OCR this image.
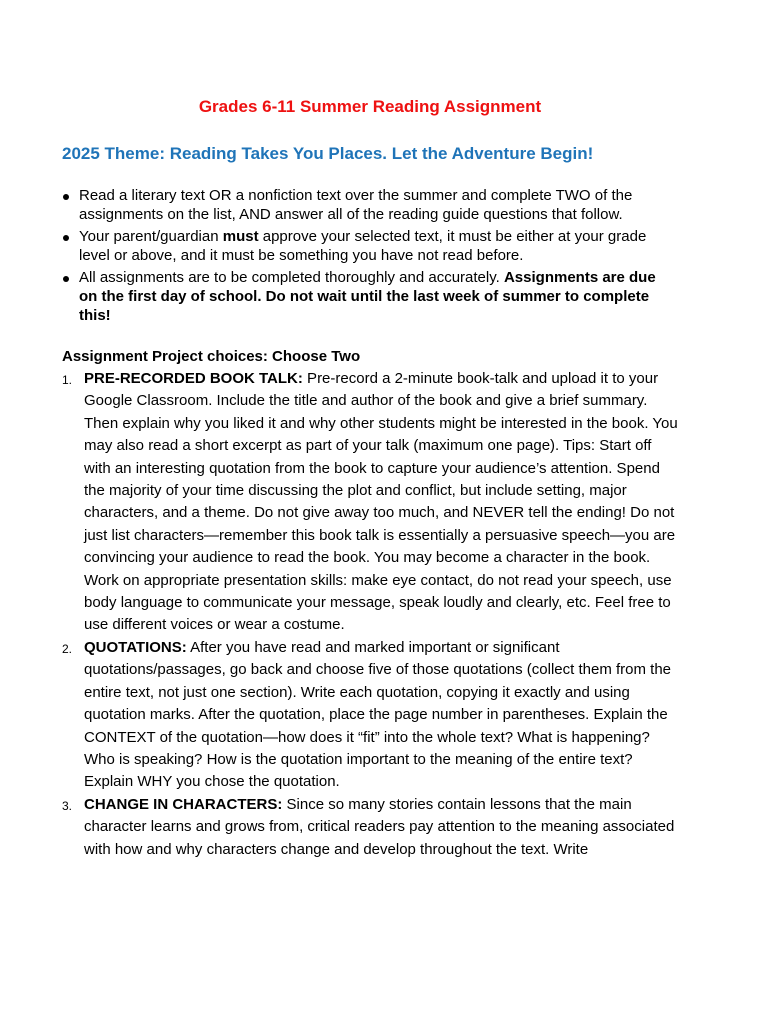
Grades 6-11 Summer Reading Assignment
2025 Theme: Reading Takes You Places. Let the Adventure Begin!
Read a literary text OR a nonfiction text over the summer and complete TWO of the assignments on the list, AND answer all of the reading guide questions that follow.
Your parent/guardian must approve your selected text, it must be either at your grade level or above, and it must be something you have not read before.
All assignments are to be completed thoroughly and accurately. Assignments are due on the first day of school. Do not wait until the last week of summer to complete this!
Assignment Project choices: Choose Two
1. PRE-RECORDED BOOK TALK: Pre-record a 2-minute book-talk and upload it to your Google Classroom. Include the title and author of the book and give a brief summary. Then explain why you liked it and why other students might be interested in the book. You may also read a short excerpt as part of your talk (maximum one page). Tips: Start off with an interesting quotation from the book to capture your audience’s attention. Spend the majority of your time discussing the plot and conflict, but include setting, major characters, and a theme. Do not give away too much, and NEVER tell the ending! Do not just list characters—remember this book talk is essentially a persuasive speech—you are convincing your audience to read the book. You may become a character in the book. Work on appropriate presentation skills: make eye contact, do not read your speech, use body language to communicate your message, speak loudly and clearly, etc. Feel free to use different voices or wear a costume.
2. QUOTATIONS: After you have read and marked important or significant quotations/passages, go back and choose five of those quotations (collect them from the entire text, not just one section). Write each quotation, copying it exactly and using quotation marks. After the quotation, place the page number in parentheses. Explain the CONTEXT of the quotation—how does it “fit” into the whole text? What is happening? Who is speaking? How is the quotation important to the meaning of the entire text? Explain WHY you chose the quotation.
3. CHANGE IN CHARACTERS: Since so many stories contain lessons that the main character learns and grows from, critical readers pay attention to the meaning associated with how and why characters change and develop throughout the text. Write
